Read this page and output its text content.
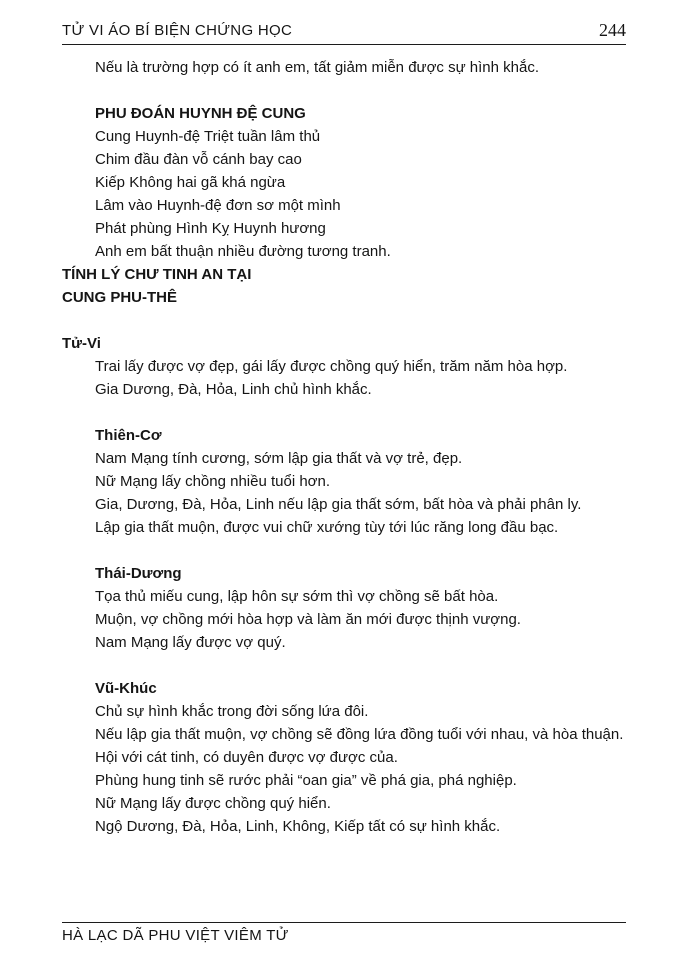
TỬ VI ÁO BÍ BIỆN CHỨNG HỌC	244

Nếu là trường hợp có ít anh em, tất giảm miễn được sự hình khắc.

PHU ĐOÁN HUYNH ĐỆ CUNG

Cung Huynh-đệ Triệt tuần lâm thủ

Chim đầu đàn vỗ cánh bay cao

Kiếp Không hai gã khá ngừa

Lâm vào Huynh-đệ đơn sơ một mình

Phát phùng Hình Kỵ Huynh hương

Anh em bất thuận nhiều đường tương tranh.

TÍNH LÝ CHƯ TINH AN TẠI

CUNG PHU-THÊ

Tử-Vi

Trai lấy được vợ đẹp, gái lấy được chồng quý hiển, trăm năm hòa hợp.

Gia Dương, Đà, Hỏa, Linh chủ hình khắc.

Thiên-Cơ

Nam Mạng tính cương, sớm lập gia thất và vợ trẻ, đẹp.

Nữ Mạng lấy chồng nhiều tuổi hơn.

Gia, Dương, Đà, Hỏa, Linh nếu lập gia thất sớm, bất hòa và phải phân ly.

Lập gia thất muộn, được vui chữ xướng tùy tới lúc răng long đầu bạc.

Thái-Dương

Tọa thủ miếu cung, lập hôn sự sớm thì vợ chồng sẽ bất hòa.

Muộn, vợ chồng mới hòa hợp và làm ăn mới được thịnh vượng.

Nam Mạng lấy được vợ quý.

Vũ-Khúc

Chủ sự hình khắc trong đời sống lứa đôi.

Nếu lập gia thất muộn, vợ chồng sẽ đồng lứa đồng tuổi với nhau, và hòa thuận.

Hội với cát tinh, có duyên được vợ được của.

Phùng hung tinh sẽ rước phải “oan gia” về phá gia, phá nghiệp.

Nữ Mạng lấy được chồng quý hiển.

Ngộ Dương, Đà, Hỏa, Linh, Không, Kiếp tất có sự hình khắc.

HÀ LẠC DÃ PHU VIỆT VIÊM TỬ
